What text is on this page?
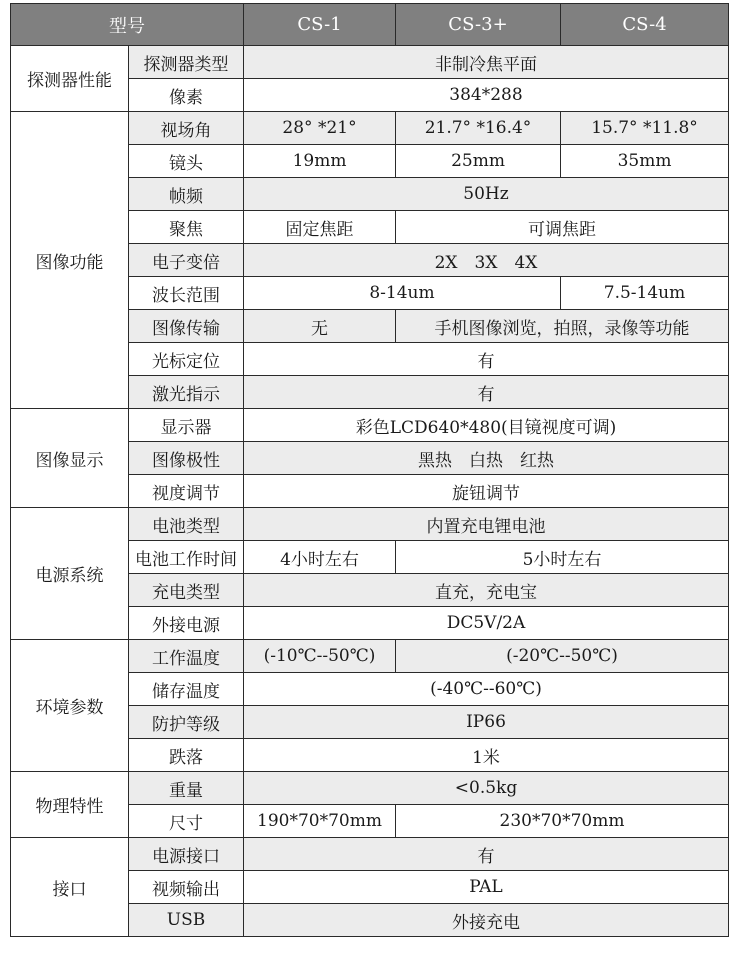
型号		CS-1	CS-3+	CS-4
探测器性能	探测器类型	非制冷焦平面		
	像素	384*288		
图像功能	视场角	28° *21°	21.7° *16.4°	15.7° *11.8°
	镜头	19mm	25mm	35mm
	帧频	50Hz		
	聚焦	固定焦距	可调焦距	
	电子变倍	2X　3X　4X		
	波长范围	8-14um		7.5-14um
	图像传输	无	手机图像浏览，拍照，录像等功能	
	光标定位	有		
	激光指示	有		
图像显示	显示器	彩色LCD640*480(目镜视度可调)		
	图像极性	黑热　白热　红热		
	视度调节	旋钮调节		
电源系统	电池类型	内置充电锂电池		
	电池工作时间	4小时左右	5小时左右	
	充电类型	直充，充电宝		
	外接电源	DC5V/2A		
环境参数	工作温度	(-10℃--50℃)	(-20℃--50℃)	
	储存温度	(-40℃--60℃)		
	防护等级	IP66		
	跌落	1米		
物理特性	重量	<0.5kg		
	尺寸	190*70*70mm	230*70*70mm	
接口	电源接口	有		
	视频输出	PAL		
	USB	外接充电		
